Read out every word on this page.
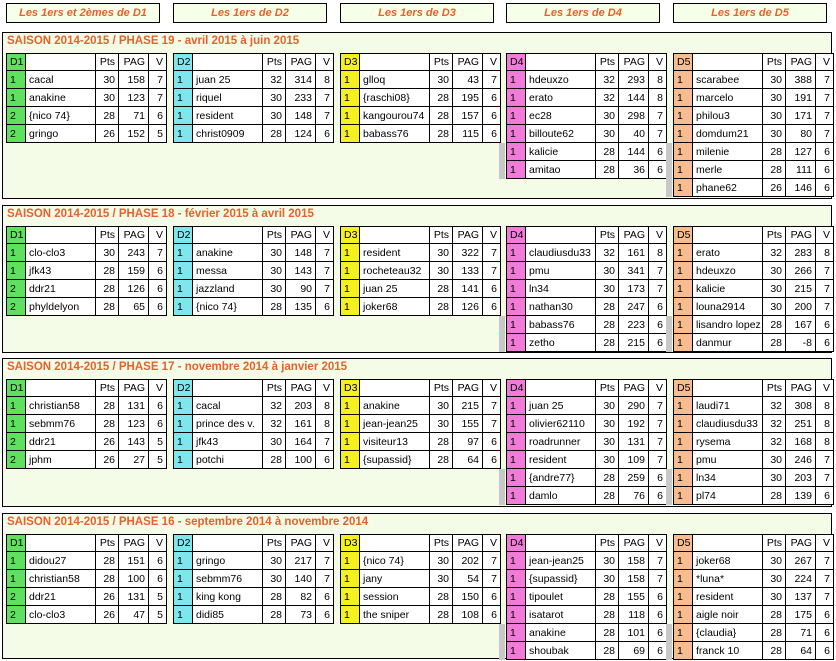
Les 1ers et 2èmes de D1	Les 1ers de D2	Les 1ers de D3	Les 1ers de D4	Les 1ers de D5
SAISON 2014-2015 / PHASE 19 - avril 2015 à juin 2015
D1	Pts PAG	V
1	cacal	30	158	7
1	anakine	30	123	7
2	{nico 74}	28	71	6
2	gringo	26	152	5
D2	Pts PAG	V
1	juan 25	32	314	8
1	riquel	30	233	7
1	resident	30	148	7
1	christ0909	28	124	6
D3	Pts PAG	V
1	glloq	30	43	7
1	{raschi08}	28	195	6
1	kangourou74	28	157	6
1	babass76	28	115	6
D4	Pts PAG	V
1	hdeuxzo	32	293	8
1	erato	32	144	8
1	ec28	30	298	7
1	billoute62	30	40	7
1	kalicie	28	144	6
1	amitao	28	36	6
D5	Pts PAG	V
1	scarabee	30	388	7
1	marcelo	30	191	7
1	philou3	30	171	7
1	domdum21	30	80	7
1	milenie	28	127	6
1	merle	28	111	6
1	phane62	26	146	6
SAISON 2014-2015 / PHASE 18 - février 2015 à avril 2015
D1	Pts PAG	V
1	clo-clo3	30	243	7
1	jfk43	28	159	6
2	ddr21	28	126	6
2	phyldelyon	28	65	6
D2	Pts PAG	V
1	anakine	30	148	7
1	messa	30	143	7
1	jazzland	30	90	7
1	{nico 74}	28	135	6
D3	Pts PAG	V
1	resident	30	322	7
1	rocheteau32	30	133	7
1	juan 25	28	141	6
1	joker68	28	126	6
D4	Pts PAG	V
1	claudiusdu33	32	161	8
1	pmu	30	341	7
1	ln34	30	173	7
1	nathan30	28	247	6
1	babass76	28	223	6
1	zetho	28	215	6
D5	Pts PAG	V
1	erato	32	283	8
1	hdeuxzo	30	266	7
1	kalicie	30	215	7
1	louna2914	30	200	7
1	lisandro lopez 28	167	6
1	danmur	28	-8	6
SAISON 2014-2015 / PHASE 17 - novembre 2014 à janvier 2015
D1	Pts PAG	V
1	christian58	28	131	6
1	sebmm76	28	123	6
2	ddr21	26	143	5
2	jphm	26	27	5
D2	Pts PAG	V
1	cacal	32	203	8
1	prince des v.	32	161	8
1	jfk43	30	164	7
1	potchi	28	100	6
D3	Pts PAG	V
1	anakine	30	215	7
1	jean-jean25	30	155	7
1	visiteur13	28	97	6
1	{supassid}	28	64	6
D4	Pts PAG	V
1	juan 25	30	290	7
1	olivier62110	30	192	7
1	roadrunner	30	131	7
1	resident	30	109	7
1	{andre77}	28	259	6
1	damlo	28	76	6
D5	Pts PAG	V
1	laudi71	32	308	8
1	claudiusdu33	32	251	8
1	rysema	32	168	8
1	pmu	30	246	7
1	ln34	30	203	7
1	pl74	28	139	6
SAISON 2014-2015 / PHASE 16 - septembre 2014 à novembre 2014
D1	Pts PAG	V
1	didou27	28	151	6
1	christian58	28	100	6
2	ddr21	26	131	5
2	clo-clo3	26	47	5
D2	Pts PAG	V
1	gringo	30	217	7
1	sebmm76	30	140	7
1	king kong	28	82	6
1	didi85	28	73	6
D3	Pts PAG	V
1	{nico 74}	30	202	7
1	jany	30	54	7
1	session	28	150	6
1	the sniper	28	108	6
D4	Pts PAG	V
1	jean-jean25	30	158	7
1	{supassid}	30	158	7
1	tipoulet	28	155	6
1	isatarot	28	118	6
1	anakine	28	101	6
1	shoubak	28	69	6
D5	Pts PAG	V
1	joker68	30	267	7
1	*luna*	30	224	7
1	resident	30	137	7
1	aigle noir	28	175	6
1	{claudia}	28	71	6
1	franck 10	28	64	6
